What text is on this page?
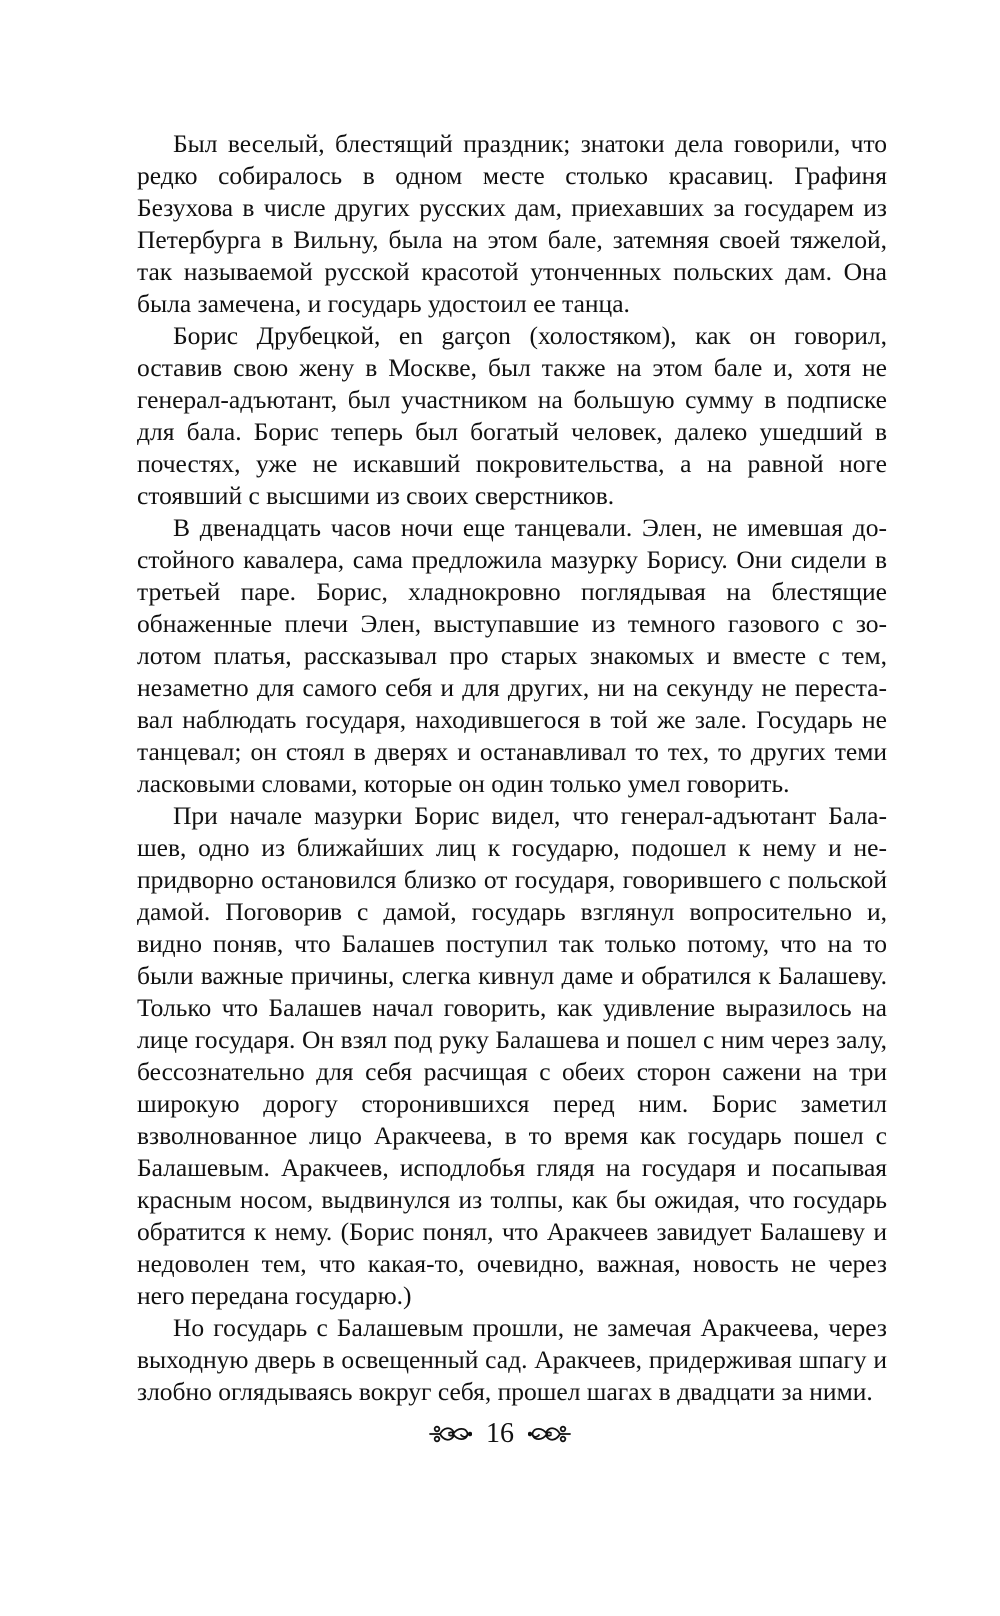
Был веселый, блестящий праздник; знатоки дела говорили, что редко собиралось в одном месте столько красавиц. Графиня Безухова в числе других русских дам, приехавших за государем из Петербурга в Вильну, была на этом бале, затемняя своей тяжелой, так называемой русской красотой утонченных польских дам. Она была замечена, и государь удостоил ее танца.

Борис Друбецкой, en garçon (холостяком), как он говорил, оставив свою жену в Москве, был также на этом бале и, хотя не генерал-адъютант, был участником на большую сумму в подписке для бала. Борис теперь был богатый человек, далеко ушедший в почестях, уже не искавший покровительства, а на равной ноге стоявший с высшими из своих сверстников.

В двенадцать часов ночи еще танцевали. Элен, не имевшая достойного кавалера, сама предложила мазурку Борису. Они сидели в третьей паре. Борис, хладнокровно поглядывая на блестящие обнаженные плечи Элен, выступавшие из темного газового с золотом платья, рассказывал про старых знакомых и вместе с тем, незаметно для самого себя и для других, ни на секунду не переставал наблюдать государя, находившегося в той же зале. Государь не танцевал; он стоял в дверях и останавливал то тех, то других теми ласковыми словами, которые он один только умел говорить.

При начале мазурки Борис видел, что генерал-адъютант Балашев, одно из ближайших лиц к государю, подошел к нему и непридворно остановился близко от государя, говорившего с польской дамой. Поговорив с дамой, государь взглянул вопросительно и, видно поняв, что Балашев поступил так только потому, что на то были важные причины, слегка кивнул даме и обратился к Балашеву. Только что Балашев начал говорить, как удивление выразилось на лице государя. Он взял под руку Балашева и пошел с ним через залу, бессознательно для себя расчищая с обеих сторон сажени на три широкую дорогу сторонившихся перед ним. Борис заметил взволнованное лицо Аракчеева, в то время как государь пошел с Балашевым. Аракчеев, исподлобья глядя на государя и посапывая красным носом, выдвинулся из толпы, как бы ожидая, что государь обратится к нему. (Борис понял, что Аракчеев завидует Балашеву и недоволен тем, что какая-то, очевидно, важная, новость не через него передана государю.)

Но государь с Балашевым прошли, не замечая Аракчеева, через выходную дверь в освещенный сад. Аракчеев, придерживая шпагу и злобно оглядываясь вокруг себя, прошел шагах в двадцати за ними.

16
